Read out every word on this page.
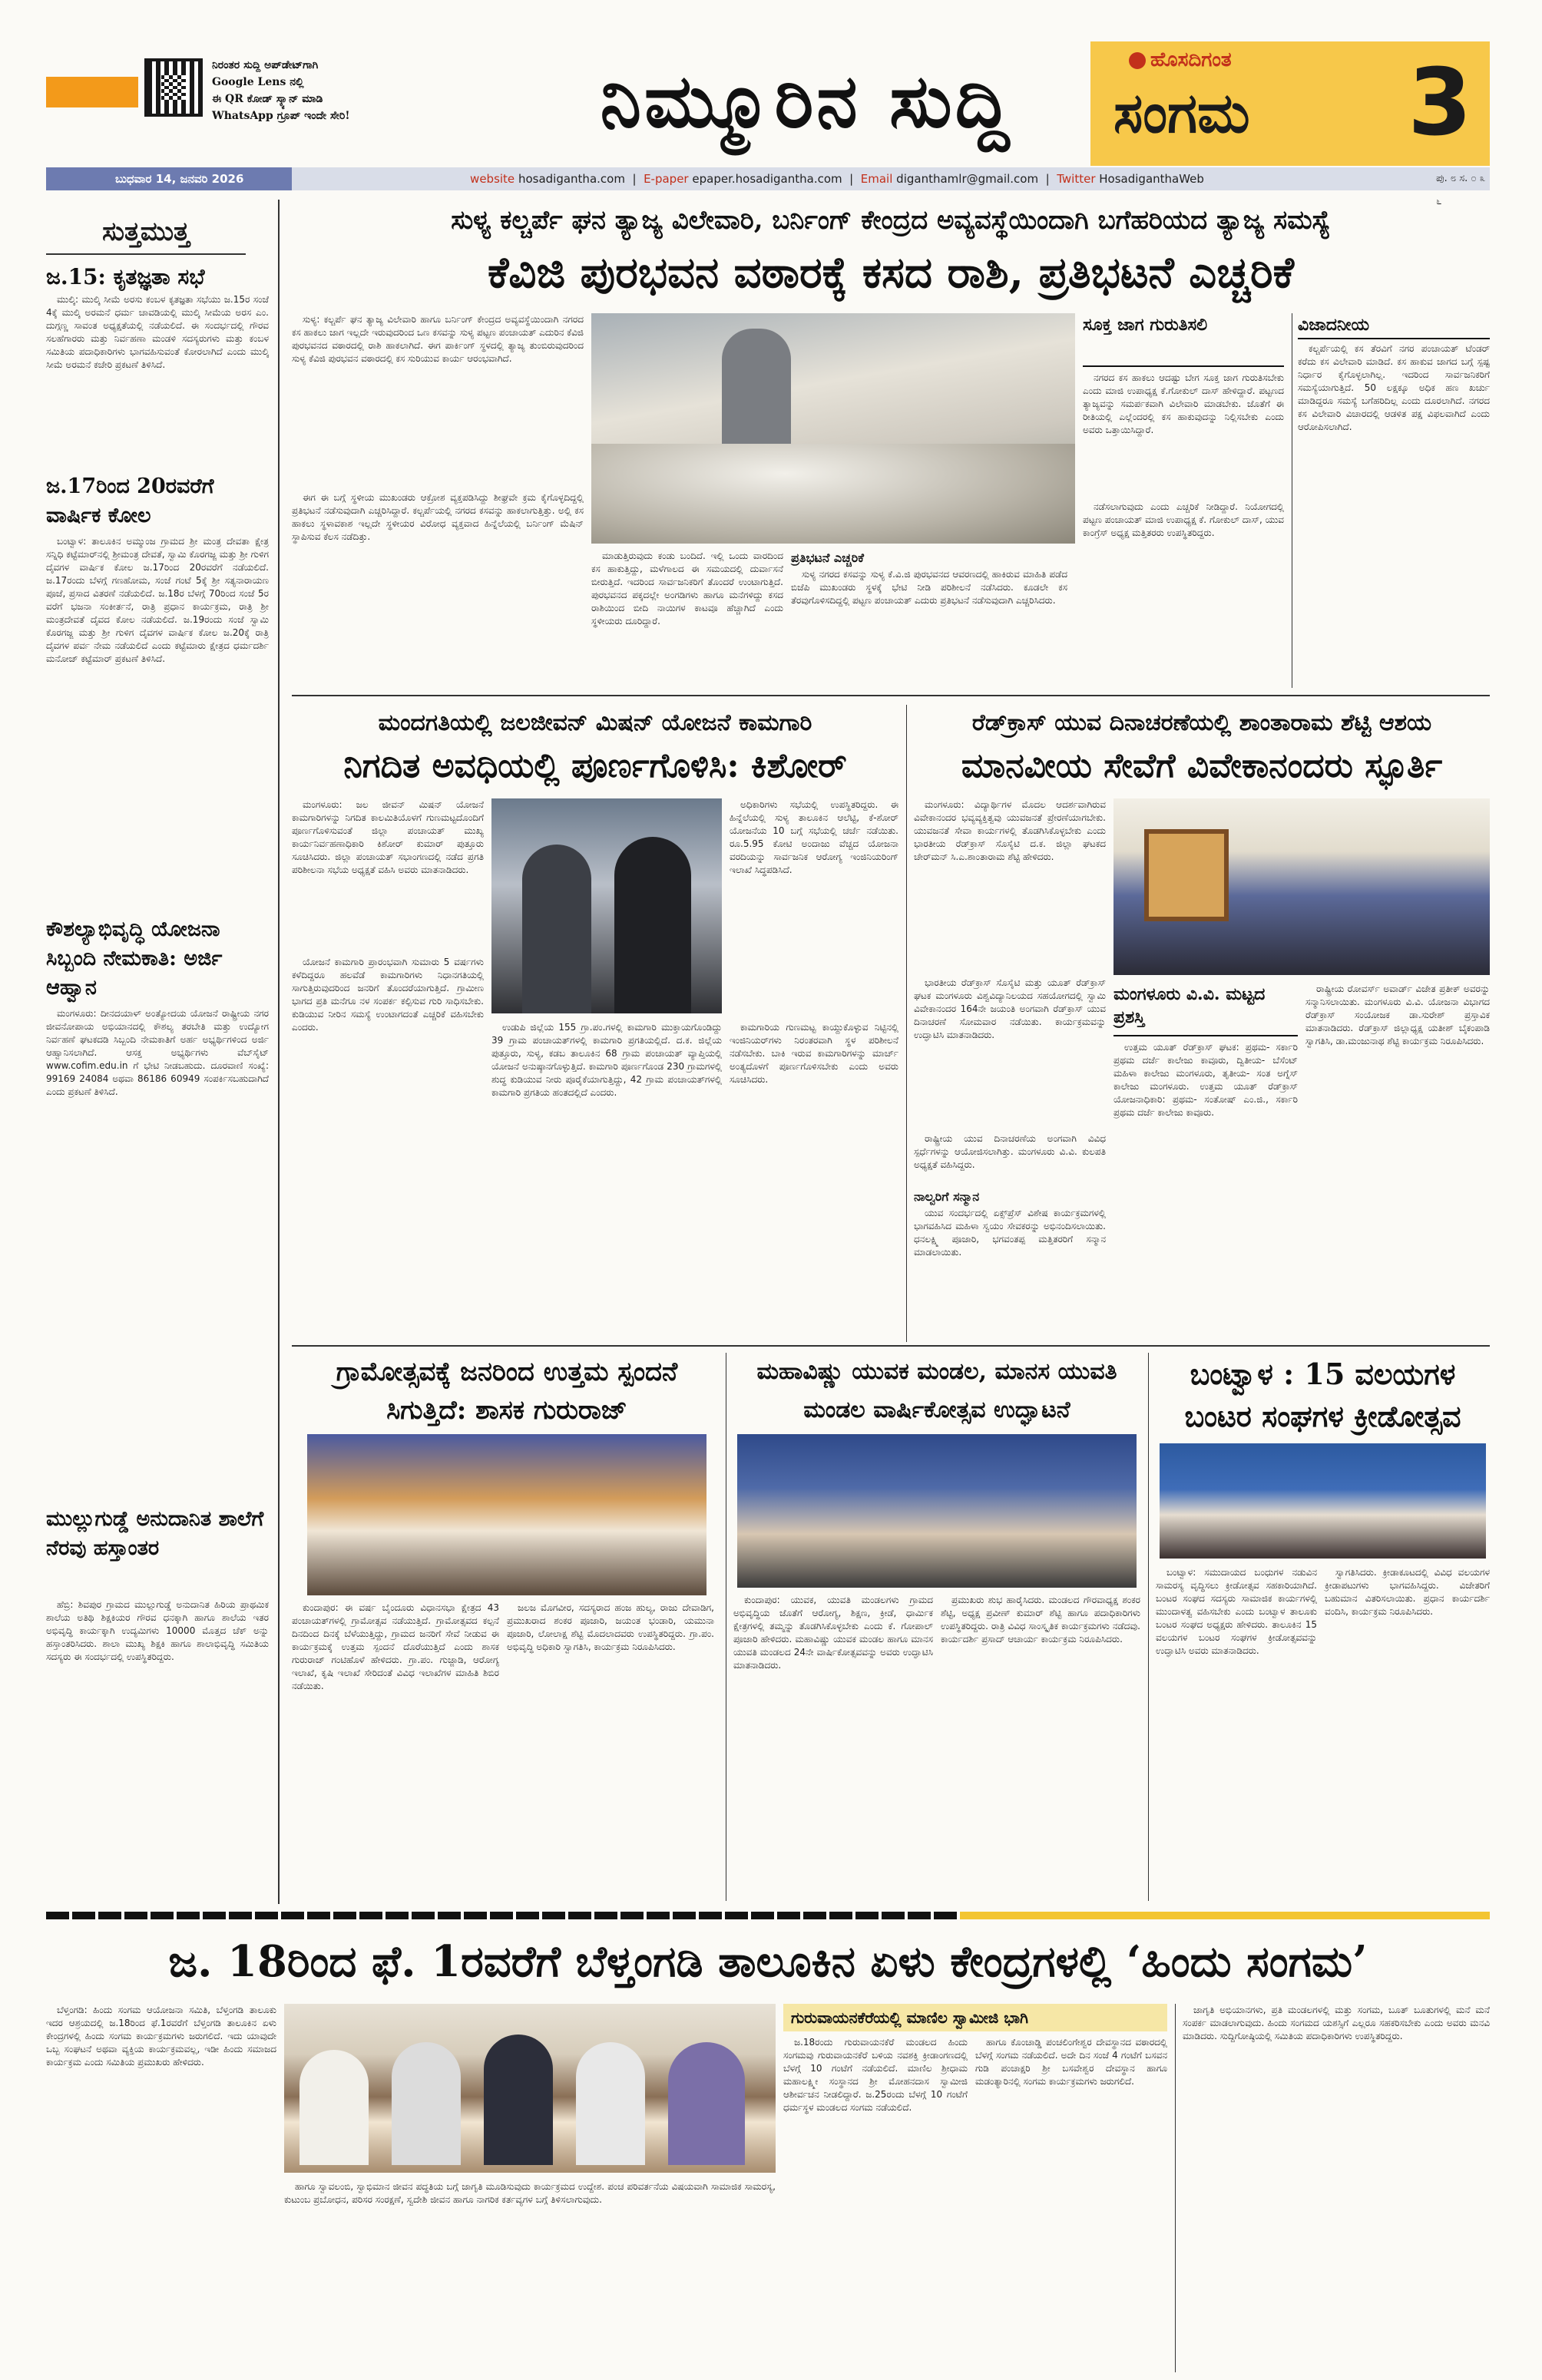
ನಿರಂತರ ಸುದ್ದಿ ಅಪ್‌ಡೇಟ್‌ಗಾಗಿ
Google Lens ನಲ್ಲಿ
ಈ QR ಕೋಡ್ ಸ್ಕ್ಯಾನ್ ಮಾಡಿ
WhatsApp ಗ್ರೂಪ್ ಇಂದೇ ಸೇರಿ!	ನಿಮ್ಮೂರಿನ ಸುದ್ದಿ	ಹೊಸದಿಗಂತ
ಸಂಗಮ	3
ಬುಧವಾರ 14, ಜನವರಿ 2026	website hosadigantha.com  |  E-paper epaper.hosadigantha.com  |  Email diganthamlr@gmail.com  |  Twitter HosadiganthaWeb	ಪು. ೮ ಸ. ೦ ೩ ೬
ಸುತ್ತಮುತ್ತ
ಜ.15: ಕೃತಜ್ಞತಾ ಸಭೆ

ಮುಲ್ಕಿ: ಮುಲ್ಕಿ ಸೀಮೆ ಅರಸು ಕಂಬಳ ಕೃತಜ್ಞತಾ ಸಭೆಯು ಜ.15ರ ಸಂಜೆ 4ಕ್ಕೆ ಮುಲ್ಕಿ ಅರಮನೆ ಧರ್ಮ ಚಾವಡಿಯಲ್ಲಿ ಮುಲ್ಕಿ ಸೀಮೆಯ ಅರಸ ಎಂ. ದುಗ್ಗಣ್ಣ ಸಾವಂತ ಅಧ್ಯಕ್ಷತೆಯಲ್ಲಿ ನಡೆಯಲಿದೆ. ಈ ಸಂದರ್ಭದಲ್ಲಿ ಗೌರವ ಸಲಹೆಗಾರರು ಮತ್ತು ನಿರ್ವಹಣಾ ಮಂಡಳಿ ಸದಸ್ಯರುಗಳು ಮತ್ತು ಕಂಬಳ ಸಮಿತಿಯ ಪದಾಧಿಕಾರಿಗಳು ಭಾಗವಹಿಸುವಂತೆ ಕೋರಲಾಗಿದೆ ಎಂದು ಮುಲ್ಕಿ ಸೀಮೆ ಅರಮನೆ ಕಚೇರಿ ಪ್ರಕಟಣೆ ತಿಳಿಸಿದೆ.

ಜ.17ರಿಂದ 20ರವರೆಗೆ ವಾರ್ಷಿಕ ಕೋಲ

ಬಂಟ್ವಾಳ: ತಾಲೂಕಿನ ಅಮ್ಮುಂಜ ಗ್ರಾಮದ ಶ್ರೀ ಮಂತ್ರ ದೇವತಾ ಕ್ಷೇತ್ರ ಸನ್ನಿಧಿ ಕಟ್ಟೆಮಾರ್‌ನಲ್ಲಿ ಶ್ರೀಮಂತ್ರ ದೇವತೆ, ಸ್ವಾಮಿ ಕೊರಗಜ್ಜ ಮತ್ತು ಶ್ರೀ ಗುಳಿಗ ದೈವಗಳ ವಾರ್ಷಿಕ ಕೋಲ ಜ.17ರಿಂದ 20ರವರೆಗೆ ನಡೆಯಲಿದೆ. ಜ.17ರಂದು ಬೆಳಗ್ಗೆ ಗಣಹೋಮ, ಸಂಜೆ ಗಂಟೆ 5ಕ್ಕೆ ಶ್ರೀ ಸತ್ಯನಾರಾಯಣ ಪೂಜೆ, ಪ್ರಸಾದ ವಿತರಣೆ ನಡೆಯಲಿದೆ. ಜ.18ರ ಬೆಳಗ್ಗೆ 70ರಿಂದ ಸಂಜೆ 5ರ ವರೆಗೆ ಭಜನಾ ಸಂಕೀರ್ತನೆ, ರಾತ್ರಿ ಪ್ರಧಾನ ಕಾರ್ಯಕ್ರಮ, ರಾತ್ರಿ ಶ್ರೀ ಮಂತ್ರದೇವತೆ ದೈವದ ಕೋಲ ನಡೆಯಲಿದೆ. ಜ.19ರಂದು ಸಂಜೆ ಸ್ವಾಮಿ ಕೊರಗಜ್ಜ ಮತ್ತು ಶ್ರೀ ಗುಳಿಗ ದೈವಗಳ ವಾರ್ಷಿಕ ಕೋಲ ಜ.20ಕ್ಕೆ ರಾತ್ರಿ ದೈವಗಳ ಪರ್ವ ನೇಮ ನಡೆಯಲಿದೆ ಎಂದು ಕಟ್ಟೆಮಾರು ಕ್ಷೇತ್ರದ ಧರ್ಮದರ್ಶಿ ಮನೋಜ್ ಕಟ್ಟೆಮಾರ್ ಪ್ರಕಟಣೆ ತಿಳಿಸಿದೆ.

ಕೌಶಲ್ಯಾಭಿವೃದ್ಧಿ ಯೋಜನಾ ಸಿಬ್ಬಂದಿ ನೇಮಕಾತಿ: ಅರ್ಜಿ ಆಹ್ವಾನ

ಮಂಗಳೂರು: ದೀನದಯಾಳ್ ಅಂತ್ಯೋದಯ ಯೋಜನೆ ರಾಷ್ಟ್ರೀಯ ನಗರ ಜೀವನೋಪಾಯ ಅಭಿಯಾನದಲ್ಲಿ ಕೌಶಲ್ಯ ತರಬೇತಿ ಮತ್ತು ಉದ್ಯೋಗ ನಿರ್ವಹಣೆ ಘಟಕದಡಿ ಸಿಬ್ಬಂದಿ ನೇಮಕಾತಿಗೆ ಅರ್ಹ ಅಭ್ಯರ್ಥಿಗಳಿಂದ ಅರ್ಜಿ ಆಹ್ವಾನಿಸಲಾಗಿದೆ. ಆಸಕ್ತ ಅಭ್ಯರ್ಥಿಗಳು ವೆಬ್‌ಸೈಟ್ www.cofim.edu.in ಗೆ ಭೇಟಿ ನೀಡಬಹುದು. ದೂರವಾಣಿ ಸಂಖ್ಯೆ: 99169 24084 ಅಥವಾ 86186 60949 ಸಂಪರ್ಕಿಸಬಹುದಾಗಿದೆ ಎಂದು ಪ್ರಕಟಣೆ ತಿಳಿಸಿದೆ.

ಮುಲ್ಲುಗುಡ್ಡೆ ಅನುದಾನಿತ ಶಾಲೆಗೆ ನೆರವು ಹಸ್ತಾಂತರ

ಹೆಬ್ರಿ: ಶಿವಪುರ ಗ್ರಾಮದ ಮುಲ್ಲುಗುಡ್ಡೆ ಅನುದಾನಿತ ಹಿರಿಯ ಪ್ರಾಥಮಿಕ ಶಾಲೆಯ ಅತಿಥಿ ಶಿಕ್ಷಕಿಯರ ಗೌರವ ಧನಕ್ಕಾಗಿ ಹಾಗೂ ಶಾಲೆಯ ಇತರ ಅಭಿವೃದ್ಧಿ ಕಾರ್ಯಕ್ಕಾಗಿ ಉದ್ಯಮಿಗಳು 10000 ಮೊತ್ತದ ಚೆಕ್ ಅನ್ನು ಹಸ್ತಾಂತರಿಸಿದರು. ಶಾಲಾ ಮುಖ್ಯ ಶಿಕ್ಷಕಿ ಹಾಗೂ ಶಾಲಾಭಿವೃದ್ಧಿ ಸಮಿತಿಯ ಸದಸ್ಯರು ಈ ಸಂದರ್ಭದಲ್ಲಿ ಉಪಸ್ಥಿತರಿದ್ದರು.

ಸುಳ್ಯ ಕಲ್ಚರ್ಪೆ ಘನ ತ್ಯಾಜ್ಯ ವಿಲೇವಾರಿ, ಬರ್ನಿಂಗ್ ಕೇಂದ್ರದ ಅವ್ಯವಸ್ಥೆಯಿಂದಾಗಿ ಬಗೆಹರಿಯದ ತ್ಯಾಜ್ಯ ಸಮಸ್ಯೆ
ಕೆವಿಜಿ ಪುರಭವನ ವಠಾರಕ್ಕೆ ಕಸದ ರಾಶಿ, ಪ್ರತಿಭಟನೆ ಎಚ್ಚರಿಕೆ

ಸುಳ್ಯ: ಕಲ್ಚರ್ಪೆ ಘನ ತ್ಯಾಜ್ಯ ವಿಲೇವಾರಿ ಹಾಗೂ ಬರ್ನಿಂಗ್ ಕೇಂದ್ರದ ಅವ್ಯವಸ್ಥೆಯಿಂದಾಗಿ ನಗರದ ಕಸ ಹಾಕಲು ಜಾಗ ಇಲ್ಲದೇ ಇರುವುದರಿಂದ ಒಣ ಕಸವನ್ನು ಸುಳ್ಯ ಪಟ್ಟಣ ಪಂಚಾಯತ್ ಎದುರಿನ ಕೆವಿಜಿ ಪುರಭವನದ ವಠಾರದಲ್ಲಿ ರಾಶಿ ಹಾಕಲಾಗಿದೆ. ಈಗ ಪಾರ್ಕಿಂಗ್ ಸ್ಥಳದಲ್ಲಿ ತ್ಯಾಜ್ಯ ತುಂಬಿರುವುದರಿಂದ ಸುಳ್ಯ ಕೆವಿಜಿ ಪುರಭವನ ವಠಾರದಲ್ಲಿ ಕಸ ಸುರಿಯುವ ಕಾರ್ಯ ಆರಂಭವಾಗಿದೆ.

ಈಗ ಈ ಬಗ್ಗೆ ಸ್ಥಳೀಯ ಮುಖಂಡರು ಆಕ್ರೋಶ ವ್ಯಕ್ತಪಡಿಸಿದ್ದು ಶೀಘ್ರವೇ ಕ್ರಮ ಕೈಗೊಳ್ಳದಿದ್ದಲ್ಲಿ ಪ್ರತಿಭಟನೆ ನಡೆಸುವುದಾಗಿ ಎಚ್ಚರಿಸಿದ್ದಾರೆ. ಕಲ್ಚರ್ಪೆಯಲ್ಲಿ ನಗರದ ಕಸವನ್ನು ಹಾಕಲಾಗುತ್ತಿತ್ತು. ಅಲ್ಲಿ ಕಸ ಹಾಕಲು ಸ್ಥಳಾವಕಾಶ ಇಲ್ಲದೇ ಸ್ಥಳೀಯರ ವಿರೋಧ ವ್ಯಕ್ತವಾದ ಹಿನ್ನೆಲೆಯಲ್ಲಿ ಬರ್ನಿಂಗ್ ಮೆಷಿನ್ ಸ್ಥಾಪಿಸುವ ಕೆಲಸ ನಡೆದಿತ್ತು.

ಸೂಕ್ತ ಜಾಗ ಗುರುತಿಸಲಿ

ನಗರದ ಕಸ ಹಾಕಲು ಆದಷ್ಟು ಬೇಗ ಸೂಕ್ತ ಜಾಗ ಗುರುತಿಸಬೇಕು ಎಂದು ಮಾಜಿ ಉಪಾಧ್ಯಕ್ಷ ಕೆ.ಗೋಕುಲ್ ದಾಸ್ ಹೇಳಿದ್ದಾರೆ. ಪಟ್ಟಣದ ತ್ಯಾಜ್ಯವನ್ನು ಸಮರ್ಪಕವಾಗಿ ವಿಲೇವಾರಿ ಮಾಡಬೇಕು. ಜೊತೆಗೆ ಈ ರೀತಿಯಲ್ಲಿ ಎಲ್ಲೆಂದರಲ್ಲಿ ಕಸ ಹಾಕುವುದನ್ನು ನಿಲ್ಲಿಸಬೇಕು ಎಂದು ಅವರು ಒತ್ತಾಯಿಸಿದ್ದಾರೆ.

ಮಾಡುತ್ತಿರುವುದು ಕಂಡು ಬಂದಿದೆ. ಇಲ್ಲಿ ಒಂದು ವಾರದಿಂದ ಕಸ ಹಾಕುತ್ತಿದ್ದು, ಮಳೆಗಾಲದ ಈ ಸಮಯದಲ್ಲಿ ದುರ್ವಾಸನೆ ಬೀರುತ್ತಿದೆ. ಇದರಿಂದ ಸಾರ್ವಜನಿಕರಿಗೆ ತೊಂದರೆ ಉಂಟಾಗುತ್ತಿದೆ. ಪುರಭವನದ ಪಕ್ಕದಲ್ಲೇ ಅಂಗಡಿಗಳು ಹಾಗೂ ಮನೆಗಳಿದ್ದು ಕಸದ ರಾಶಿಯಿಂದ ಬೀದಿ ನಾಯಿಗಳ ಕಾಟವೂ ಹೆಚ್ಚಾಗಿದೆ ಎಂದು ಸ್ಥಳೀಯರು ದೂರಿದ್ದಾರೆ.

ಪ್ರತಿಭಟನೆ ಎಚ್ಚರಿಕೆ

ಸುಳ್ಯ ನಗರದ ಕಸವನ್ನು ಸುಳ್ಯ ಕೆ.ವಿ.ಜಿ ಪುರಭವನದ ಆವರಣದಲ್ಲಿ ಹಾಕಿರುವ ಮಾಹಿತಿ ಪಡೆದ ಬಿಜೆಪಿ ಮುಖಂಡರು ಸ್ಥಳಕ್ಕೆ ಭೇಟಿ ನೀಡಿ ಪರಿಶೀಲನೆ ನಡೆಸಿದರು. ಕೂಡಲೇ ಕಸ ತೆರವುಗೊಳಿಸದಿದ್ದಲ್ಲಿ ಪಟ್ಟಣ ಪಂಚಾಯತ್ ಎದುರು ಪ್ರತಿಭಟನೆ ನಡೆಸುವುದಾಗಿ ಎಚ್ಚರಿಸಿದರು.

ನಡೆಸಲಾಗುವುದು ಎಂದು ಎಚ್ಚರಿಕೆ ನೀಡಿದ್ದಾರೆ. ನಿಯೋಗದಲ್ಲಿ ಪಟ್ಟಣ ಪಂಚಾಯತ್ ಮಾಜಿ ಉಪಾಧ್ಯಕ್ಷ ಕೆ. ಗೋಕುಲ್ ದಾಸ್, ಯುವ ಕಾಂಗ್ರೆಸ್ ಅಧ್ಯಕ್ಷ ಮತ್ತಿತರರು ಉಪಸ್ಥಿತರಿದ್ದರು.

ವಿಜಾದನೀಯ

ಕಲ್ಚರ್ಪೆಯಲ್ಲಿ ಕಸ ತೆರವಿಗೆ ನಗರ ಪಂಚಾಯತ್ ಟೆಂಡರ್ ಕರೆದು ಕಸ ವಿಲೇವಾರಿ ಮಾಡಿದೆ. ಕಸ ಹಾಕುವ ಜಾಗದ ಬಗ್ಗೆ ಸ್ಪಷ್ಟ ನಿರ್ಧಾರ ಕೈಗೊಳ್ಳಲಾಗಿಲ್ಲ. ಇದರಿಂದ ಸಾರ್ವಜನಿಕರಿಗೆ ಸಮಸ್ಯೆಯಾಗುತ್ತಿದೆ. 50 ಲಕ್ಷಕ್ಕೂ ಅಧಿಕ ಹಣ ಖರ್ಚು ಮಾಡಿದ್ದರೂ ಸಮಸ್ಯೆ ಬಗೆಹರಿದಿಲ್ಲ ಎಂದು ದೂರಲಾಗಿದೆ. ನಗರದ ಕಸ ವಿಲೇವಾರಿ ವಿಚಾರದಲ್ಲಿ ಆಡಳಿತ ಪಕ್ಷ ವಿಫಲವಾಗಿದೆ ಎಂದು ಆರೋಪಿಸಲಾಗಿದೆ.

ಮಂದಗತಿಯಲ್ಲಿ ಜಲಜೀವನ್ ಮಿಷನ್ ಯೋಜನೆ ಕಾಮಗಾರಿ
ನಿಗದಿತ ಅವಧಿಯಲ್ಲಿ ಪೂರ್ಣಗೊಳಿಸಿ: ಕಿಶೋರ್

ಮಂಗಳೂರು: ಜಲ ಜೀವನ್ ಮಿಷನ್ ಯೋಜನೆ ಕಾಮಗಾರಿಗಳನ್ನು ನಿಗದಿತ ಕಾಲಮಿತಿಯೊಳಗೆ ಗುಣಮಟ್ಟದೊಂದಿಗೆ ಪೂರ್ಣಗೊಳಿಸುವಂತೆ ಜಿಲ್ಲಾ ಪಂಚಾಯತ್ ಮುಖ್ಯ ಕಾರ್ಯನಿರ್ವಹಣಾಧಿಕಾರಿ ಕಿಶೋರ್ ಕುಮಾರ್ ಪುತ್ತೂರು ಸೂಚಿಸಿದರು. ಜಿಲ್ಲಾ ಪಂಚಾಯತ್ ಸಭಾಂಗಣದಲ್ಲಿ ನಡೆದ ಪ್ರಗತಿ ಪರಿಶೀಲನಾ ಸಭೆಯ ಅಧ್ಯಕ್ಷತೆ ವಹಿಸಿ ಅವರು ಮಾತನಾಡಿದರು.

ಅಧಿಕಾರಿಗಳು ಸಭೆಯಲ್ಲಿ ಉಪಸ್ಥಿತರಿದ್ದರು. ಈ ಹಿನ್ನೆಲೆಯಲ್ಲಿ ಸುಳ್ಯ ತಾಲೂಕಿನ ಆಲೆಟ್ಟಿ, ಕೆ-ಶೋರ್ ಯೋಜನೆಯ 10 ಬಗ್ಗೆ ಸಭೆಯಲ್ಲಿ ಚರ್ಚೆ ನಡೆಯಿತು. ರೂ.5.95 ಕೋಟಿ ಅಂದಾಜು ವೆಚ್ಚದ ಯೋಜನಾ ವರದಿಯನ್ನು ಸಾರ್ವಜನಿಕ ಆರೋಗ್ಯ ಇಂಜಿನಿಯರಿಂಗ್ ಇಲಾಖೆ ಸಿದ್ಧಪಡಿಸಿದೆ.

ಯೋಜನೆ ಕಾಮಗಾರಿ ಪ್ರಾರಂಭವಾಗಿ ಸುಮಾರು 5 ವರ್ಷಗಳು ಕಳೆದಿದ್ದರೂ ಹಲವೆಡೆ ಕಾಮಗಾರಿಗಳು ನಿಧಾನಗತಿಯಲ್ಲಿ ಸಾಗುತ್ತಿರುವುದರಿಂದ ಜನರಿಗೆ ತೊಂದರೆಯಾಗುತ್ತಿದೆ. ಗ್ರಾಮೀಣ ಭಾಗದ ಪ್ರತಿ ಮನೆಗೂ ನಳ ಸಂಪರ್ಕ ಕಲ್ಪಿಸುವ ಗುರಿ ಸಾಧಿಸಬೇಕು. ಕುಡಿಯುವ ನೀರಿನ ಸಮಸ್ಯೆ ಉಂಟಾಗದಂತೆ ಎಚ್ಚರಿಕೆ ವಹಿಸಬೇಕು ಎಂದರು.	ಉಡುಪಿ ಜಿಲ್ಲೆಯ 155 ಗ್ರಾ.ಪಂ.ಗಳಲ್ಲಿ ಕಾಮಗಾರಿ ಮುಕ್ತಾಯಗೊಂಡಿದ್ದು 39 ಗ್ರಾಮ ಪಂಚಾಯತ್‌ಗಳಲ್ಲಿ ಕಾಮಗಾರಿ ಪ್ರಗತಿಯಲ್ಲಿದೆ. ದ.ಕ. ಜಿಲ್ಲೆಯ ಪುತ್ತೂರು, ಸುಳ್ಯ, ಕಡಬ ತಾಲೂಕಿನ 68 ಗ್ರಾಮ ಪಂಚಾಯತ್ ವ್ಯಾಪ್ತಿಯಲ್ಲಿ ಯೋಜನೆ ಅನುಷ್ಠಾನಗೊಳ್ಳುತ್ತಿದೆ. ಕಾಮಗಾರಿ ಪೂರ್ಣಗೊಂಡ 230 ಗ್ರಾಮಗಳಲ್ಲಿ ಶುದ್ಧ ಕುಡಿಯುವ ನೀರು ಪೂರೈಕೆಯಾಗುತ್ತಿದ್ದು, 42 ಗ್ರಾಮ ಪಂಚಾಯತ್‌ಗಳಲ್ಲಿ ಕಾಮಗಾರಿ ಪ್ರಗತಿಯ ಹಂತದಲ್ಲಿದೆ ಎಂದರು.

ಕಾಮಗಾರಿಯ ಗುಣಮಟ್ಟ ಕಾಯ್ದುಕೊಳ್ಳುವ ನಿಟ್ಟಿನಲ್ಲಿ ಇಂಜಿನಿಯರ್‌ಗಳು ನಿರಂತರವಾಗಿ ಸ್ಥಳ ಪರಿಶೀಲನೆ ನಡೆಸಬೇಕು. ಬಾಕಿ ಇರುವ ಕಾಮಗಾರಿಗಳನ್ನು ಮಾರ್ಚ್ ಅಂತ್ಯದೊಳಗೆ ಪೂರ್ಣಗೊಳಿಸಬೇಕು ಎಂದು ಅವರು ಸೂಚಿಸಿದರು.

ರೆಡ್‌ಕ್ರಾಸ್ ಯುವ ದಿನಾಚರಣೆಯಲ್ಲಿ ಶಾಂತಾರಾಮ ಶೆಟ್ಟಿ ಆಶಯ
ಮಾನವೀಯ ಸೇವೆಗೆ ವಿವೇಕಾನಂದರು ಸ್ಫೂರ್ತಿ

ಮಂಗಳೂರು: ವಿದ್ಯಾರ್ಥಿಗಳ ಮೊದಲ ಆದರ್ಶವಾಗಿರುವ ವಿವೇಕಾನಂದರ ಭವ್ಯವ್ಯಕ್ತಿತ್ವವು ಯುವಜನತೆ ಪ್ರೇರಣೆಯಾಗಬೇಕು. ಯುವಜನತೆ ಸೇವಾ ಕಾರ್ಯಗಳಲ್ಲಿ ತೊಡಗಿಸಿಕೊಳ್ಳಬೇಕು ಎಂದು ಭಾರತೀಯ ರೆಡ್‌ಕ್ರಾಸ್ ಸೊಸೈಟಿ ದ.ಕ. ಜಿಲ್ಲಾ ಘಟಕದ ಚೇರ್‌ಮನ್ ಸಿ.ಎ.ಶಾಂತಾರಾಮ ಶೆಟ್ಟಿ ಹೇಳಿದರು.

ಭಾರತೀಯ ರೆಡ್‌ಕ್ರಾಸ್ ಸೊಸೈಟಿ ಮತ್ತು ಯೂತ್ ರೆಡ್‌ಕ್ರಾಸ್ ಘಟಕ ಮಂಗಳೂರು ವಿಶ್ವವಿದ್ಯಾನಿಲಯದ ಸಹಯೋಗದಲ್ಲಿ ಸ್ವಾಮಿ ವಿವೇಕಾನಂದರ 164ನೇ ಜಯಂತಿ ಅಂಗವಾಗಿ ರೆಡ್‌ಕ್ರಾಸ್ ಯುವ ದಿನಾಚರಣೆ ಸೋಮವಾರ ನಡೆಯಿತು. ಕಾರ್ಯಕ್ರಮವನ್ನು ಉದ್ಘಾಟಿಸಿ ಮಾತನಾಡಿದರು.

ರಾಷ್ಟ್ರೀಯ ಯುವ ದಿನಾಚರಣೆಯ ಅಂಗವಾಗಿ ವಿವಿಧ ಸ್ಪರ್ಧೆಗಳನ್ನು ಆಯೋಜಿಸಲಾಗಿತ್ತು. ಮಂಗಳೂರು ವಿ.ವಿ. ಕುಲಪತಿ ಅಧ್ಯಕ್ಷತೆ ವಹಿಸಿದ್ದರು.

ನಾಲ್ವರಿಗೆ ಸನ್ಮಾನ

ಯುವ ಸಂದರ್ಭದಲ್ಲಿ ಏಕ್ಸ್‌ಪ್ರೆಸ್ ವಿಶೇಷ ಕಾರ್ಯಕ್ರಮಗಳಲ್ಲಿ ಭಾಗವಹಿಸಿದ ಮಹಿಳಾ ಸ್ವಯಂ ಸೇವಕರನ್ನು ಅಭಿನಂದಿಸಲಾಯಿತು. ಧನಲಕ್ಷ್ಮಿ ಪೂಜಾರಿ, ಭಗವಂತಪ್ಪ ಮತ್ತಿತರರಿಗೆ ಸನ್ಮಾನ ಮಾಡಲಾಯಿತು.

ಮಂಗಳೂರು ವಿ.ವಿ. ಮಟ್ಟದ ಪ್ರಶಸ್ತಿ

ಉತ್ತಮ ಯೂತ್ ರೆಡ್‌ಕ್ರಾಸ್ ಘಟಕ: ಪ್ರಥಮ- ಸರ್ಕಾರಿ ಪ್ರಥಮ ದರ್ಜೆ ಕಾಲೇಜು ಕಾವೂರು, ದ್ವಿತೀಯ- ಬೆಸೆಂಟ್ ಮಹಿಳಾ ಕಾಲೇಜು ಮಂಗಳೂರು, ತೃತೀಯ- ಸಂತ ಅಗ್ನೆಸ್ ಕಾಲೇಜು ಮಂಗಳೂರು. ಉತ್ತಮ ಯೂತ್ ರೆಡ್‌ಕ್ರಾಸ್ ಯೋಜನಾಧಿಕಾರಿ: ಪ್ರಥಮ- ಸಂತೋಷ್ ಎಂ.ಜಿ., ಸರ್ಕಾರಿ ಪ್ರಥಮ ದರ್ಜೆ ಕಾಲೇಜು ಕಾವೂರು.

ರಾಷ್ಟ್ರೀಯ ರೋವರ್ಸ್ ಅವಾರ್ಡ್ ವಿಜೇತ ಪ್ರತೀಕ್ ಅವರನ್ನು ಸನ್ಮಾನಿಸಲಾಯಿತು. ಮಂಗಳೂರು ವಿ.ವಿ. ಯೋಜನಾ ವಿಭಾಗದ ರೆಡ್‌ಕ್ರಾಸ್ ಸಂಯೋಜಕ ಡಾ.ಸುರೇಶ್ ಪ್ರಸ್ತಾವಿಕ ಮಾತನಾಡಿದರು. ರೆಡ್‌ಕ್ರಾಸ್ ಜಿಲ್ಲಾಧ್ಯಕ್ಷ ಯತೀಶ್ ಬೈಕಂಪಾಡಿ ಸ್ವಾಗತಿಸಿ, ಡಾ.ಮಂಜುನಾಥ ಶೆಟ್ಟಿ ಕಾರ್ಯಕ್ರಮ ನಿರೂಪಿಸಿದರು.

ಗ್ರಾಮೋತ್ಸವಕ್ಕೆ ಜನರಿಂದ ಉತ್ತಮ ಸ್ಪಂದನೆ ಸಿಗುತ್ತಿದೆ: ಶಾಸಕ ಗುರುರಾಜ್

ಕುಂದಾಪುರ: ಈ ವರ್ಷ ಬೈಂದೂರು ವಿಧಾನಸಭಾ ಕ್ಷೇತ್ರದ 43 ಪಂಚಾಯತ್‌ಗಳಲ್ಲಿ ಗ್ರಾಮೋತ್ಸವ ನಡೆಯುತ್ತಿದೆ. ಗ್ರಾಮೋತ್ಸವದ ಕಲ್ಪನೆ ದಿನದಿಂದ ದಿನಕ್ಕೆ ಬೆಳೆಯುತ್ತಿದ್ದು, ಗ್ರಾಮದ ಜನರಿಗೆ ಸೇವೆ ನೀಡುವ ಈ ಕಾರ್ಯಕ್ರಮಕ್ಕೆ ಉತ್ತಮ ಸ್ಪಂದನೆ ದೊರೆಯುತ್ತಿದೆ ಎಂದು ಶಾಸಕ ಗುರುರಾಜ್ ಗಂಟಿಹೊಳೆ ಹೇಳಿದರು. ಗ್ರಾ.ಪಂ. ಗುಜ್ಜಾಡಿ, ಆರೋಗ್ಯ ಇಲಾಖೆ, ಕೃಷಿ ಇಲಾಖೆ ಸೇರಿದಂತೆ ವಿವಿಧ ಇಲಾಖೆಗಳ ಮಾಹಿತಿ ಶಿಬಿರ ನಡೆಯಿತು.

ಜಲಜ ಮೊಗವೀರ, ಸದಸ್ಯರಾದ ಹಂಜ ಹುಲ್ಯ, ರಾಜು ದೇವಾಡಿಗ, ಪ್ರಮುಖರಾದ ಶಂಕರ ಪೂಜಾರಿ, ಜಯಂತ ಭಂಡಾರಿ, ಯಮುನಾ ಪೂಜಾರಿ, ಲೋಲಾಕ್ಷ ಶೆಟ್ಟಿ ಮೊದಲಾದವರು ಉಪಸ್ಥಿತರಿದ್ದರು. ಗ್ರಾ.ಪಂ. ಅಭಿವೃದ್ಧಿ ಅಧಿಕಾರಿ ಸ್ವಾಗತಿಸಿ, ಕಾರ್ಯಕ್ರಮ ನಿರೂಪಿಸಿದರು.

ಮಹಾವಿಷ್ಣು ಯುವಕ ಮಂಡಲ, ಮಾನಸ ಯುವತಿ ಮಂಡಲ ವಾರ್ಷಿಕೋತ್ಸವ ಉದ್ಘಾಟನೆ

ಕುಂದಾಪುರ: ಯುವಕ, ಯುವತಿ ಮಂಡಲಗಳು ಗ್ರಾಮದ ಅಭಿವೃದ್ಧಿಯ ಜೊತೆಗೆ ಆರೋಗ್ಯ, ಶಿಕ್ಷಣ, ಕ್ರೀಡೆ, ಧಾರ್ಮಿಕ ಕ್ಷೇತ್ರಗಳಲ್ಲಿ ತಮ್ಮನ್ನು ತೊಡಗಿಸಿಕೊಳ್ಳಬೇಕು ಎಂದು ಕೆ. ಗೋಪಾಲ್ ಪೂಜಾರಿ ಹೇಳಿದರು. ಮಹಾವಿಷ್ಣು ಯುವಕ ಮಂಡಲ ಹಾಗೂ ಮಾನಸ ಯುವತಿ ಮಂಡಲದ 24ನೇ ವಾರ್ಷಿಕೋತ್ಸವವನ್ನು ಅವರು ಉದ್ಘಾಟಿಸಿ ಮಾತನಾಡಿದರು.

ಪ್ರಮುಖರು ಶುಭ ಹಾರೈಸಿದರು. ಮಂಡಲದ ಗೌರವಾಧ್ಯಕ್ಷ ಶಂಕರ ಶೆಟ್ಟಿ, ಅಧ್ಯಕ್ಷ ಪ್ರವೀಣ್ ಕುಮಾರ್ ಶೆಟ್ಟಿ ಹಾಗೂ ಪದಾಧಿಕಾರಿಗಳು ಉಪಸ್ಥಿತರಿದ್ದರು. ರಾತ್ರಿ ವಿವಿಧ ಸಾಂಸ್ಕೃತಿಕ ಕಾರ್ಯಕ್ರಮಗಳು ನಡೆದವು. ಕಾರ್ಯದರ್ಶಿ ಪ್ರಸಾದ್ ಆಚಾರ್ಯ ಕಾರ್ಯಕ್ರಮ ನಿರೂಪಿಸಿದರು.

ಬಂಟ್ವಾಳ : 15 ವಲಯಗಳ ಬಂಟರ ಸಂಘಗಳ ಕ್ರೀಡೋತ್ಸವ

ಬಂಟ್ವಾಳ: ಸಮುದಾಯದ ಬಂಧುಗಳ ನಡುವಿನ ಸಾಮರಸ್ಯ ವೃದ್ಧಿಸಲು ಕ್ರೀಡೋತ್ಸವ ಸಹಕಾರಿಯಾಗಿದೆ. ಬಂಟರ ಸಂಘದ ಸದಸ್ಯರು ಸಾಮಾಜಿಕ ಕಾರ್ಯಗಳಲ್ಲಿ ಮುಂದಾಳತ್ವ ವಹಿಸಬೇಕು ಎಂದು ಬಂಟ್ವಾಳ ತಾಲೂಕು ಬಂಟರ ಸಂಘದ ಅಧ್ಯಕ್ಷರು ಹೇಳಿದರು. ತಾಲೂಕಿನ 15 ವಲಯಗಳ ಬಂಟರ ಸಂಘಗಳ ಕ್ರೀಡೋತ್ಸವವನ್ನು ಉದ್ಘಾಟಿಸಿ ಅವರು ಮಾತನಾಡಿದರು.

ಸ್ವಾಗತಿಸಿದರು. ಕ್ರೀಡಾಕೂಟದಲ್ಲಿ ವಿವಿಧ ವಲಯಗಳ ಕ್ರೀಡಾಪಟುಗಳು ಭಾಗವಹಿಸಿದ್ದರು. ವಿಜೇತರಿಗೆ ಬಹುಮಾನ ವಿತರಿಸಲಾಯಿತು. ಪ್ರಧಾನ ಕಾರ್ಯದರ್ಶಿ ವಂದಿಸಿ, ಕಾರ್ಯಕ್ರಮ ನಿರೂಪಿಸಿದರು.

ಜ. 18ರಿಂದ ಫೆ. 1ರವರೆಗೆ ಬೆಳ್ತಂಗಡಿ ತಾಲೂಕಿನ ಏಳು ಕೇಂದ್ರಗಳಲ್ಲಿ ‘ಹಿಂದು ಸಂಗಮ’

ಬೆಳ್ತಂಗಡಿ: ಹಿಂದು ಸಂಗಮ ಆಯೋಜನಾ ಸಮಿತಿ, ಬೆಳ್ತಂಗಡಿ ತಾಲೂಕು ಇದರ ಆಶ್ರಯದಲ್ಲಿ ಜ.18ರಿಂದ ಫೆ.1ರವರೆಗೆ ಬೆಳ್ತಂಗಡಿ ತಾಲೂಕಿನ ಏಳು ಕೇಂದ್ರಗಳಲ್ಲಿ ಹಿಂದು ಸಂಗಮ ಕಾರ್ಯಕ್ರಮಗಳು ಜರುಗಲಿದೆ. ಇದು ಯಾವುದೇ ಒಬ್ಬ ಸಂಘಟನೆ ಅಥವಾ ವ್ಯಕ್ತಿಯ ಕಾರ್ಯಕ್ರಮವಲ್ಲ, ಇಡೀ ಹಿಂದು ಸಮಾಜದ ಕಾರ್ಯಕ್ರಮ ಎಂದು ಸಮಿತಿಯ ಪ್ರಮುಖರು ಹೇಳಿದರು.

ಹಾಗೂ ಸ್ವಾವಲಂಬಿ, ಸ್ವಾಭಿಮಾನ ಜೀವನ ಪದ್ಧತಿಯ ಬಗ್ಗೆ ಜಾಗೃತಿ ಮೂಡಿಸುವುದು ಕಾರ್ಯಕ್ರಮದ ಉದ್ದೇಶ. ಪಂಚ ಪರಿವರ್ತನೆಯ ವಿಷಯವಾಗಿ ಸಾಮಾಜಿಕ ಸಾಮರಸ್ಯ, ಕುಟುಂಬ ಪ್ರಬೋಧನ, ಪರಿಸರ ಸಂರಕ್ಷಣೆ, ಸ್ವದೇಶಿ ಜೀವನ ಹಾಗೂ ನಾಗರಿಕ ಕರ್ತವ್ಯಗಳ ಬಗ್ಗೆ ತಿಳಿಸಲಾಗುವುದು.

ಗುರುವಾಯನಕೆರೆಯಲ್ಲಿ ಮಾಣಿಲ ಸ್ವಾಮೀಜಿ ಭಾಗಿ

ಜ.18ರಂದು ಗುರುವಾಯನಕೆರೆ ಮಂಡಲದ ಹಿಂದು ಸಂಗಮವು ಗುರುವಾಯನಕೆರೆ ಬಳಿಯ ನವಶಕ್ತಿ ಕ್ರೀಡಾಂಗಣದಲ್ಲಿ ಬೆಳಗ್ಗೆ 10 ಗಂಟೆಗೆ ನಡೆಯಲಿದೆ. ಮಾಣಿಲ ಶ್ರೀಧಾಮ ಮಹಾಲಕ್ಷ್ಮೀ ಸಂಸ್ಥಾನದ ಶ್ರೀ ಮೋಹನದಾಸ ಸ್ವಾಮೀಜಿ ಆಶೀರ್ವಚನ ನೀಡಲಿದ್ದಾರೆ. ಜ.25ರಂದು ಬೆಳಗ್ಗೆ 10 ಗಂಟೆಗೆ ಧರ್ಮಸ್ಥಳ ಮಂಡಲದ ಸಂಗಮ ನಡೆಯಲಿದೆ.

ಹಾಗೂ ಕೊಂಚಾಡ್ಡಿ ಪಂಚಲಿಂಗೇಶ್ವರ ದೇವಸ್ಥಾನದ ವಠಾರದಲ್ಲಿ ಬೆಳಗ್ಗೆ ಸಂಗಮ ನಡೆಯಲಿದೆ. ಅದೇ ದಿನ ಸಂಜೆ 4 ಗಂಟೆಗೆ ಬಸವನ ಗುಡಿ ಪಂಚಾಕ್ಷರಿ ಶ್ರೀ ಬಸವೇಶ್ವರ ದೇವಸ್ಥಾನ ಹಾಗೂ ಮಡಂತ್ಯಾರಿನಲ್ಲಿ ಸಂಗಮ ಕಾರ್ಯಕ್ರಮಗಳು ಜರುಗಲಿದೆ.

ಜಾಗೃತಿ ಅಭಿಯಾನಗಳು, ಪ್ರತಿ ಮಂಡಲಗಳಲ್ಲಿ ಮತ್ತು ಸಂಗಮ, ಬೂತ್ ಬೂತುಗಳಲ್ಲಿ ಮನೆ ಮನೆ ಸಂಪರ್ಕ ಮಾಡಲಾಗುವುದು. ಹಿಂದು ಸಂಗಮದ ಯಶಸ್ಸಿಗೆ ಎಲ್ಲರೂ ಸಹಕರಿಸಬೇಕು ಎಂದು ಅವರು ಮನವಿ ಮಾಡಿದರು. ಸುದ್ದಿಗೋಷ್ಠಿಯಲ್ಲಿ ಸಮಿತಿಯ ಪದಾಧಿಕಾರಿಗಳು ಉಪಸ್ಥಿತರಿದ್ದರು.
